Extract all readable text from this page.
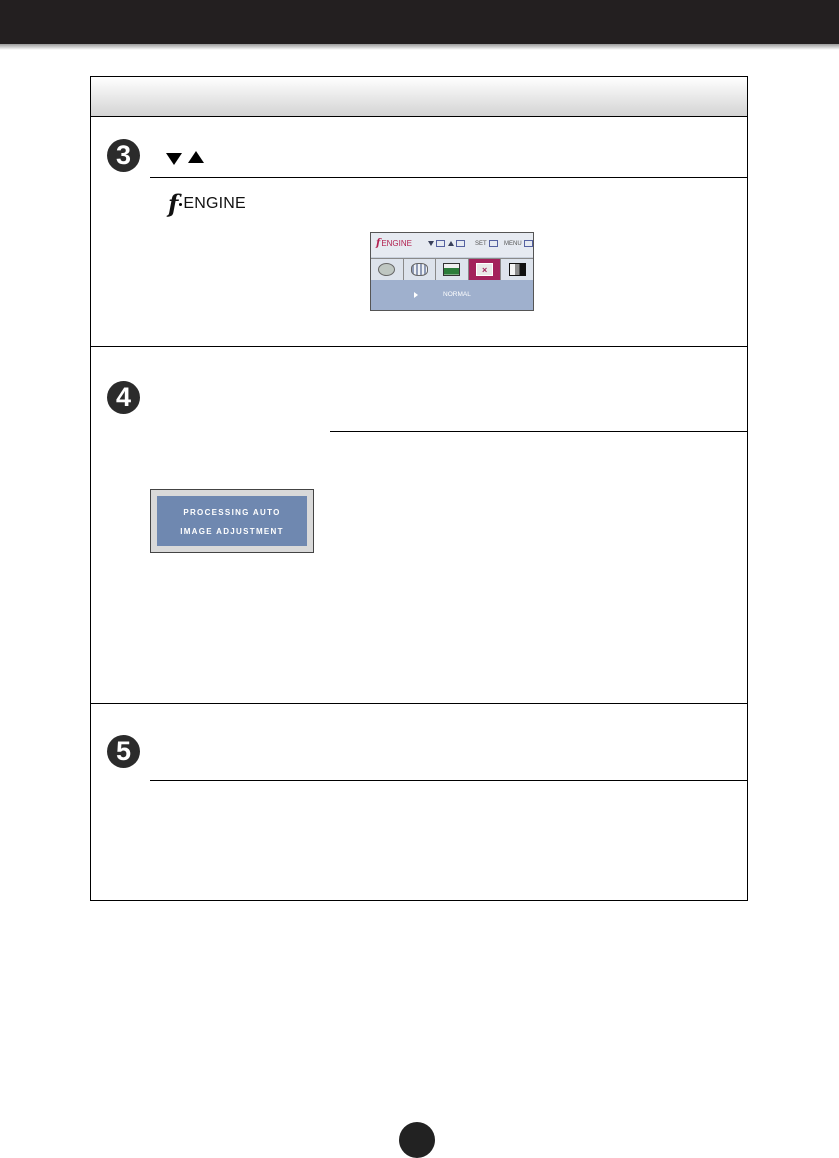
3
4
5
f ENGINE
f ENGINE	SET	MENU
×
NORMAL
PROCESSING AUTO
IMAGE ADJUSTMENT
